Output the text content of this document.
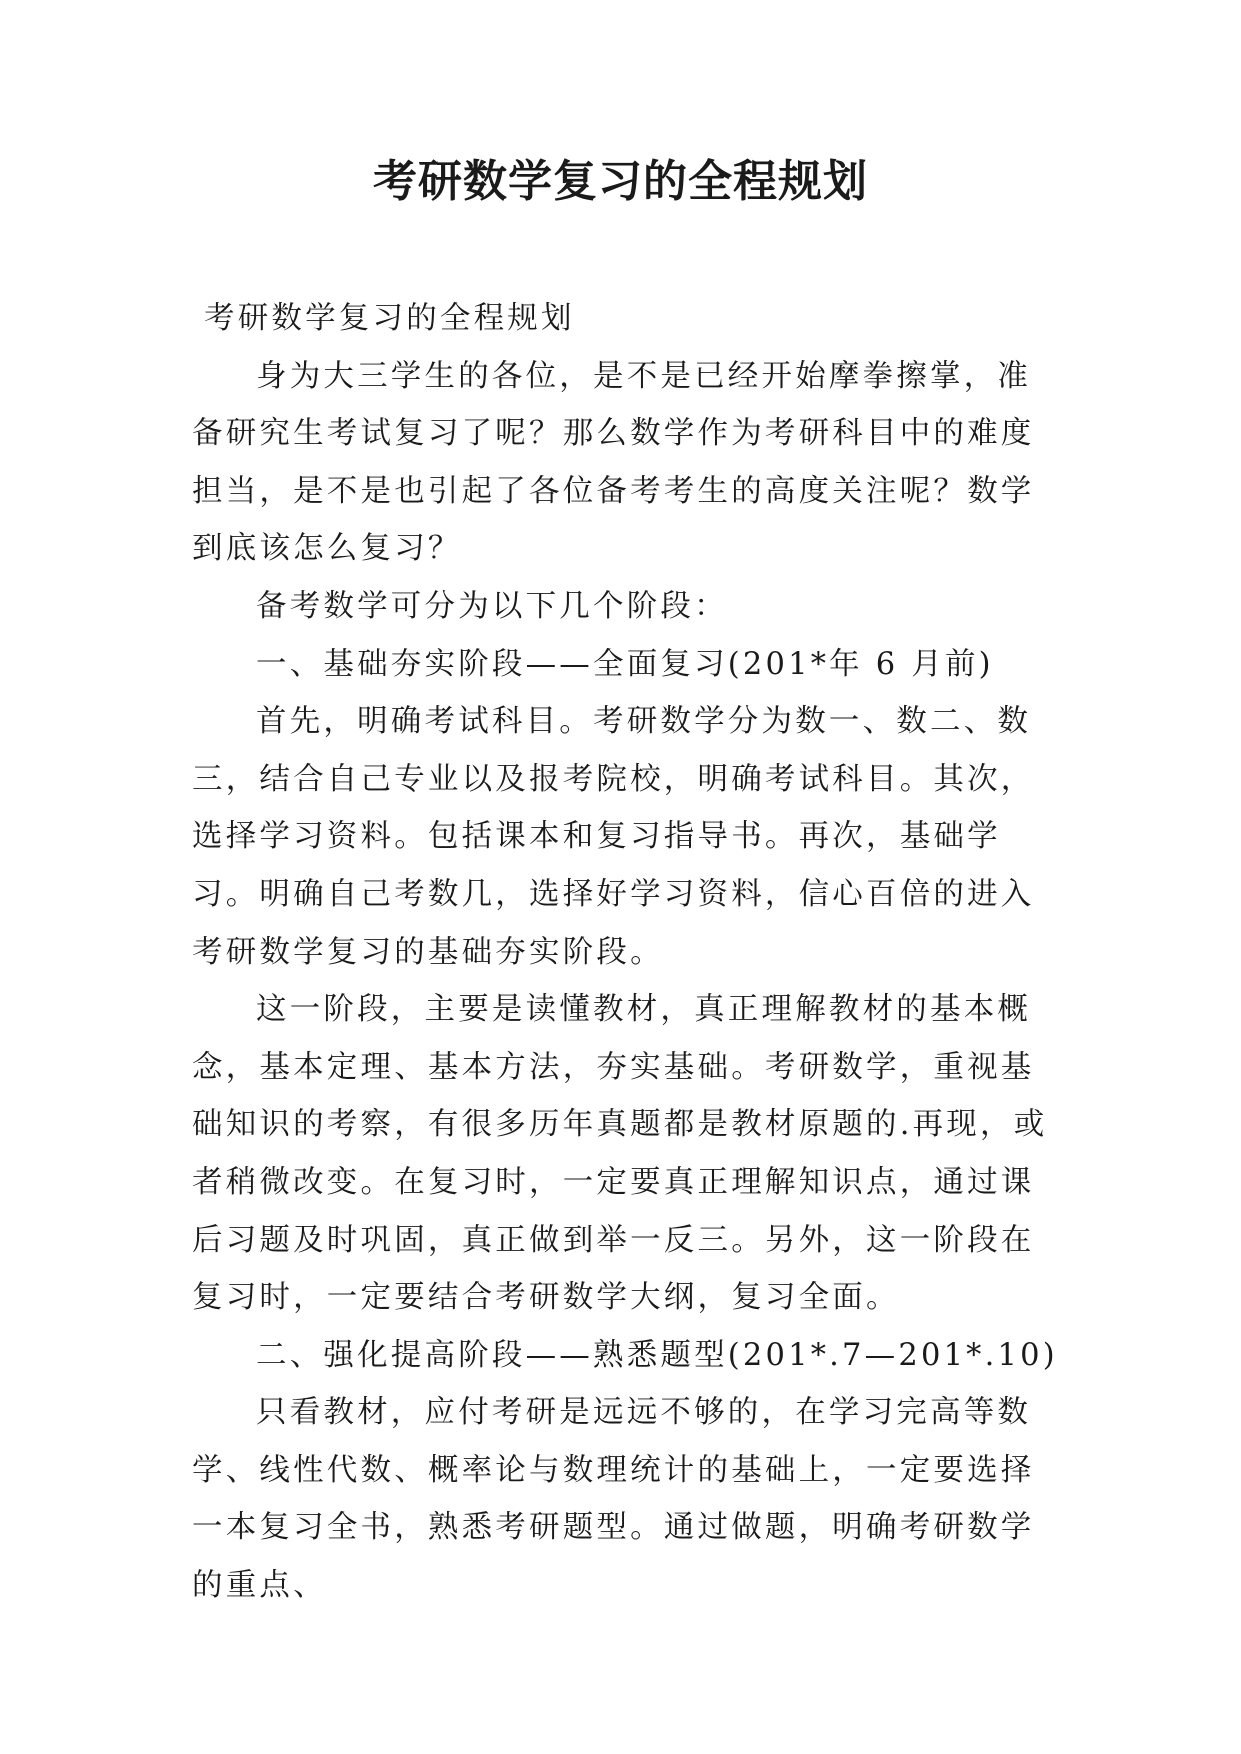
考研数学复习的全程规划

考研数学复习的全程规划

身为大三学生的各位，是不是已经开始摩拳擦掌，准备研究生考试复习了呢？那么数学作为考研科目中的难度担当，是不是也引起了各位备考考生的高度关注呢？数学到底该怎么复习？

备考数学可分为以下几个阶段：

一、基础夯实阶段——全面复习(201*年 6 月前)

首先，明确考试科目。考研数学分为数一、数二、数三，结合自己专业以及报考院校，明确考试科目。其次，选择学习资料。包括课本和复习指导书。再次，基础学习。明确自己考数几，选择好学习资料，信心百倍的进入考研数学复习的基础夯实阶段。

这一阶段，主要是读懂教材，真正理解教材的基本概念，基本定理、基本方法，夯实基础。考研数学，重视基础知识的考察，有很多历年真题都是教材原题的.再现，或者稍微改变。在复习时，一定要真正理解知识点，通过课后习题及时巩固，真正做到举一反三。另外，这一阶段在复习时，一定要结合考研数学大纲，复习全面。

二、强化提高阶段——熟悉题型(201*.7—201*.10)

只看教材，应付考研是远远不够的，在学习完高等数学、线性代数、概率论与数理统计的基础上，一定要选择一本复习全书，熟悉考研题型。通过做题，明确考研数学的重点、
